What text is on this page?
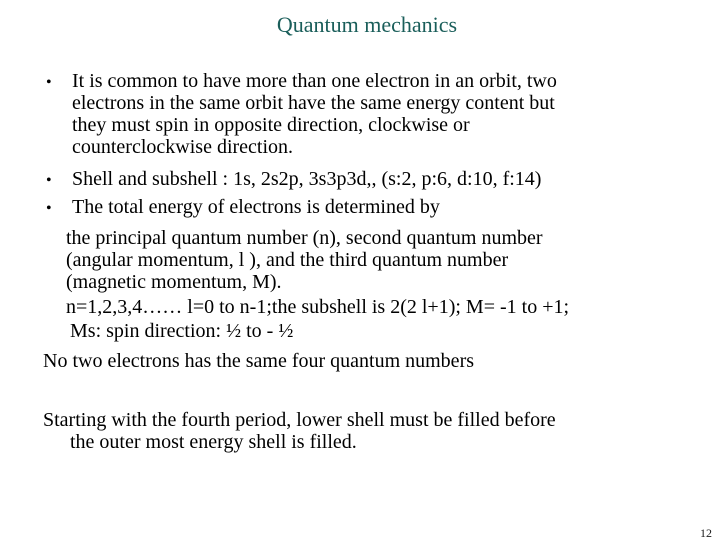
Quantum mechanics
• It is common to have more than one electron in an orbit, two
electrons in the same orbit have the same energy content but
they must spin in opposite direction, clockwise or
counterclockwise direction.
• Shell and subshell : 1s, 2s2p, 3s3p3d,, (s:2, p:6, d:10, f:14)
• The total energy of electrons is determined by
the principal quantum number (n), second quantum number
(angular momentum, l ), and the third quantum number
(magnetic momentum, M).
n=1,2,3,4…… l=0 to n-1;the subshell is 2(2 l+1); M= -1 to +1;
Ms: spin direction: ½ to - ½
No two electrons has the same four quantum numbers
Starting with the fourth period, lower shell must be filled before
the outer most energy shell is filled.
12
